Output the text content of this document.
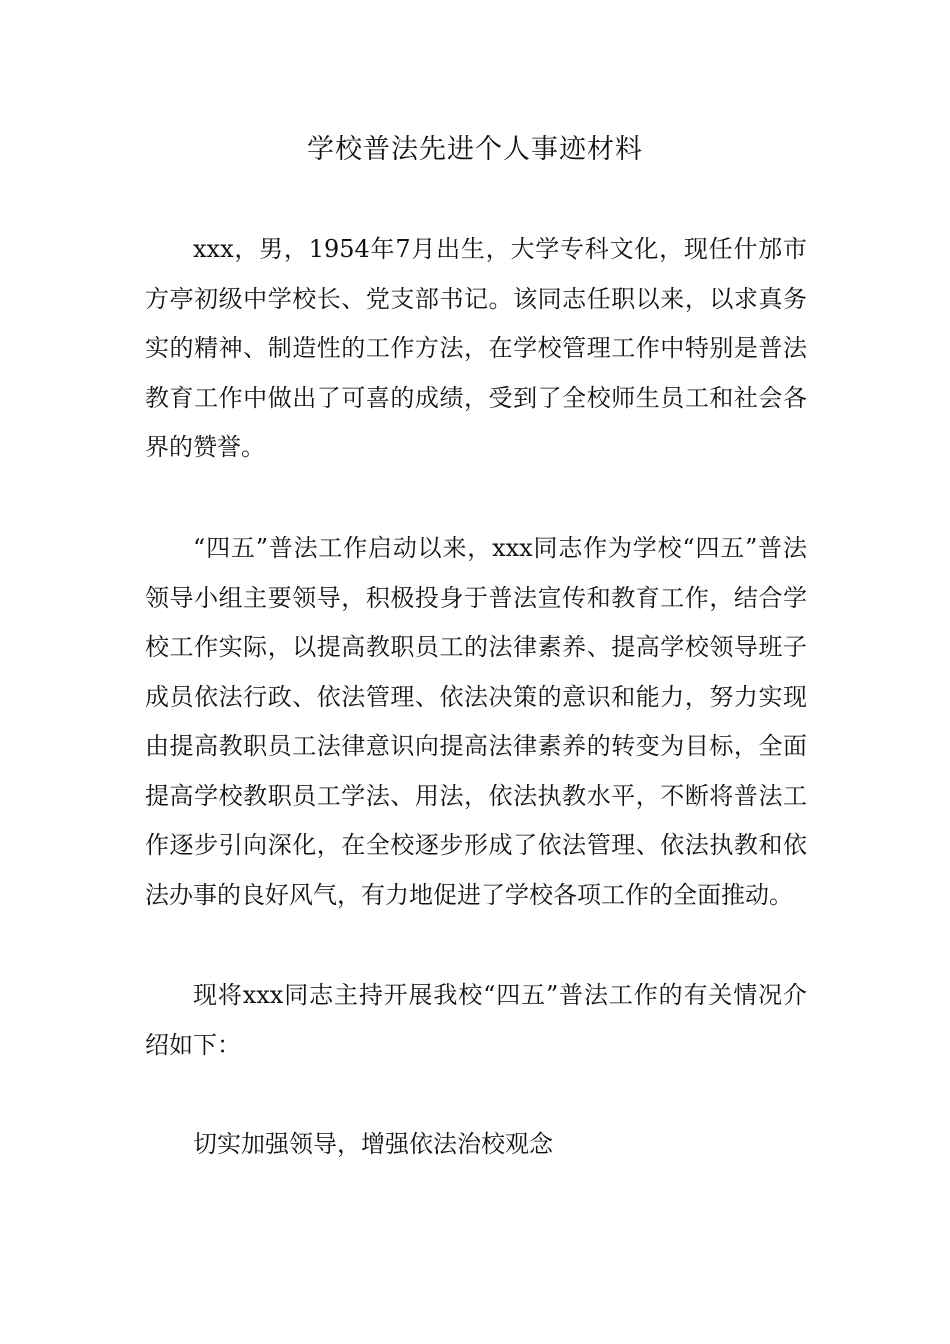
学校普法先进个人事迹材料

xxx，男，1954年7月出生，大学专科文化，现任什邡市方亭初级中学校长、党支部书记。该同志任职以来，以求真务实的精神、制造性的工作方法，在学校管理工作中特别是普法教育工作中做出了可喜的成绩，受到了全校师生员工和社会各界的赞誉。

“四五”普法工作启动以来，xxx同志作为学校“四五”普法领导小组主要领导，积极投身于普法宣传和教育工作，结合学校工作实际，以提高教职员工的法律素养、提高学校领导班子成员依法行政、依法管理、依法决策的意识和能力，努力实现由提高教职员工法律意识向提高法律素养的转变为目标，全面提高学校教职员工学法、用法，依法执教水平，不断将普法工作逐步引向深化，在全校逐步形成了依法管理、依法执教和依法办事的良好风气，有力地促进了学校各项工作的全面推动。

现将xxx同志主持开展我校“四五”普法工作的有关情况介绍如下：

切实加强领导，增强依法治校观念
